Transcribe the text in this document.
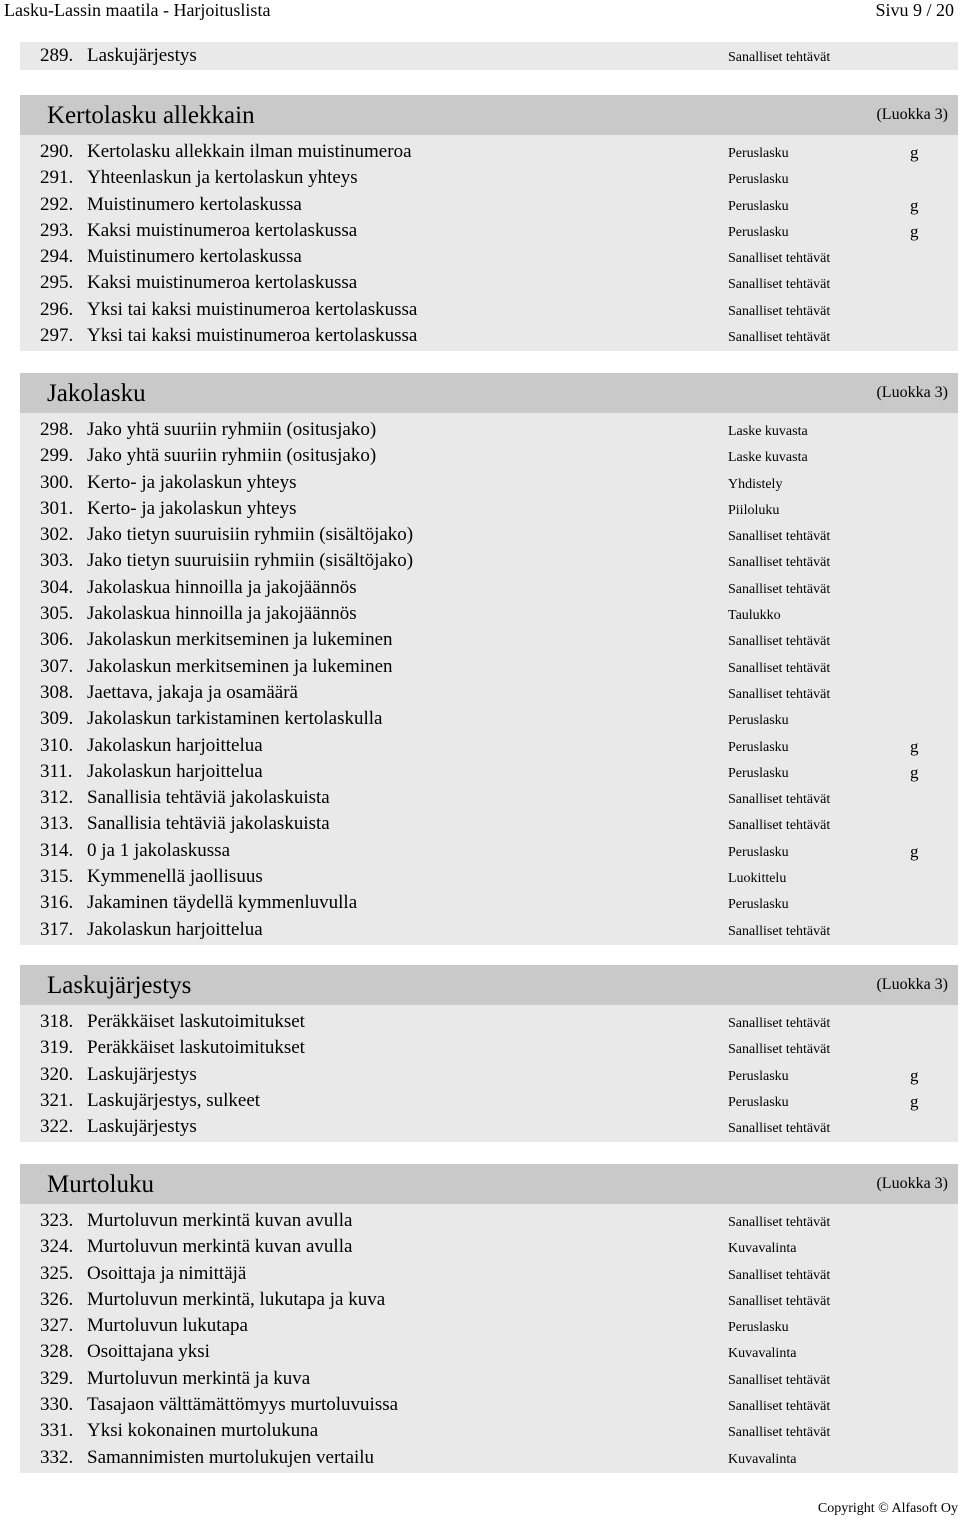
Lasku-Lassin maatila - Harjoituslista	Sivu 9 / 20
289. Laskujärjestys	Sanalliset tehtävät
Kertolasku allekkain	(Luokka 3)
290. Kertolasku allekkain ilman muistinumeroa	Peruslasku	g
291. Yhteenlaskun ja kertolaskun yhteys	Peruslasku
292. Muistinumero kertolaskussa	Peruslasku	g
293. Kaksi muistinumeroa kertolaskussa	Peruslasku	g
294. Muistinumero kertolaskussa	Sanalliset tehtävät
295. Kaksi muistinumeroa kertolaskussa	Sanalliset tehtävät
296. Yksi tai kaksi muistinumeroa kertolaskussa	Sanalliset tehtävät
297. Yksi tai kaksi muistinumeroa kertolaskussa	Sanalliset tehtävät
Jakolasku	(Luokka 3)
298. Jako yhtä suuriin ryhmiin (ositusjako)	Laske kuvasta
299. Jako yhtä suuriin ryhmiin (ositusjako)	Laske kuvasta
300. Kerto- ja jakolaskun yhteys	Yhdistely
301. Kerto- ja jakolaskun yhteys	Piiloluku
302. Jako tietyn suuruisiin ryhmiin (sisältöjako)	Sanalliset tehtävät
303. Jako tietyn suuruisiin ryhmiin (sisältöjako)	Sanalliset tehtävät
304. Jakolaskua hinnoilla ja jakojäännös	Sanalliset tehtävät
305. Jakolaskua hinnoilla ja jakojäännös	Taulukko
306. Jakolaskun merkitseminen ja lukeminen	Sanalliset tehtävät
307. Jakolaskun merkitseminen ja lukeminen	Sanalliset tehtävät
308. Jaettava, jakaja ja osamäärä	Sanalliset tehtävät
309. Jakolaskun tarkistaminen kertolaskulla	Peruslasku
310. Jakolaskun harjoittelua	Peruslasku	g
311. Jakolaskun harjoittelua	Peruslasku	g
312. Sanallisia tehtäviä jakolaskuista	Sanalliset tehtävät
313. Sanallisia tehtäviä jakolaskuista	Sanalliset tehtävät
314. 0 ja 1 jakolaskussa	Peruslasku	g
315. Kymmenellä jaollisuus	Luokittelu
316. Jakaminen täydellä kymmenluvulla	Peruslasku
317. Jakolaskun harjoittelua	Sanalliset tehtävät
Laskujärjestys	(Luokka 3)
318. Peräkkäiset laskutoimitukset	Sanalliset tehtävät
319. Peräkkäiset laskutoimitukset	Sanalliset tehtävät
320. Laskujärjestys	Peruslasku	g
321. Laskujärjestys, sulkeet	Peruslasku	g
322. Laskujärjestys	Sanalliset tehtävät
Murtoluku	(Luokka 3)
323. Murtoluvun merkintä kuvan avulla	Sanalliset tehtävät
324. Murtoluvun merkintä kuvan avulla	Kuvavalinta
325. Osoittaja ja nimittäjä	Sanalliset tehtävät
326. Murtoluvun merkintä, lukutapa ja kuva	Sanalliset tehtävät
327. Murtoluvun lukutapa	Peruslasku
328. Osoittajana yksi	Kuvavalinta
329. Murtoluvun merkintä ja kuva	Sanalliset tehtävät
330. Tasajaon välttämättömyys murtoluvuissa	Sanalliset tehtävät
331. Yksi kokonainen murtolukuna	Sanalliset tehtävät
332. Samannimisten murtolukujen vertailu	Kuvavalinta
Copyright © Alfasoft Oy
